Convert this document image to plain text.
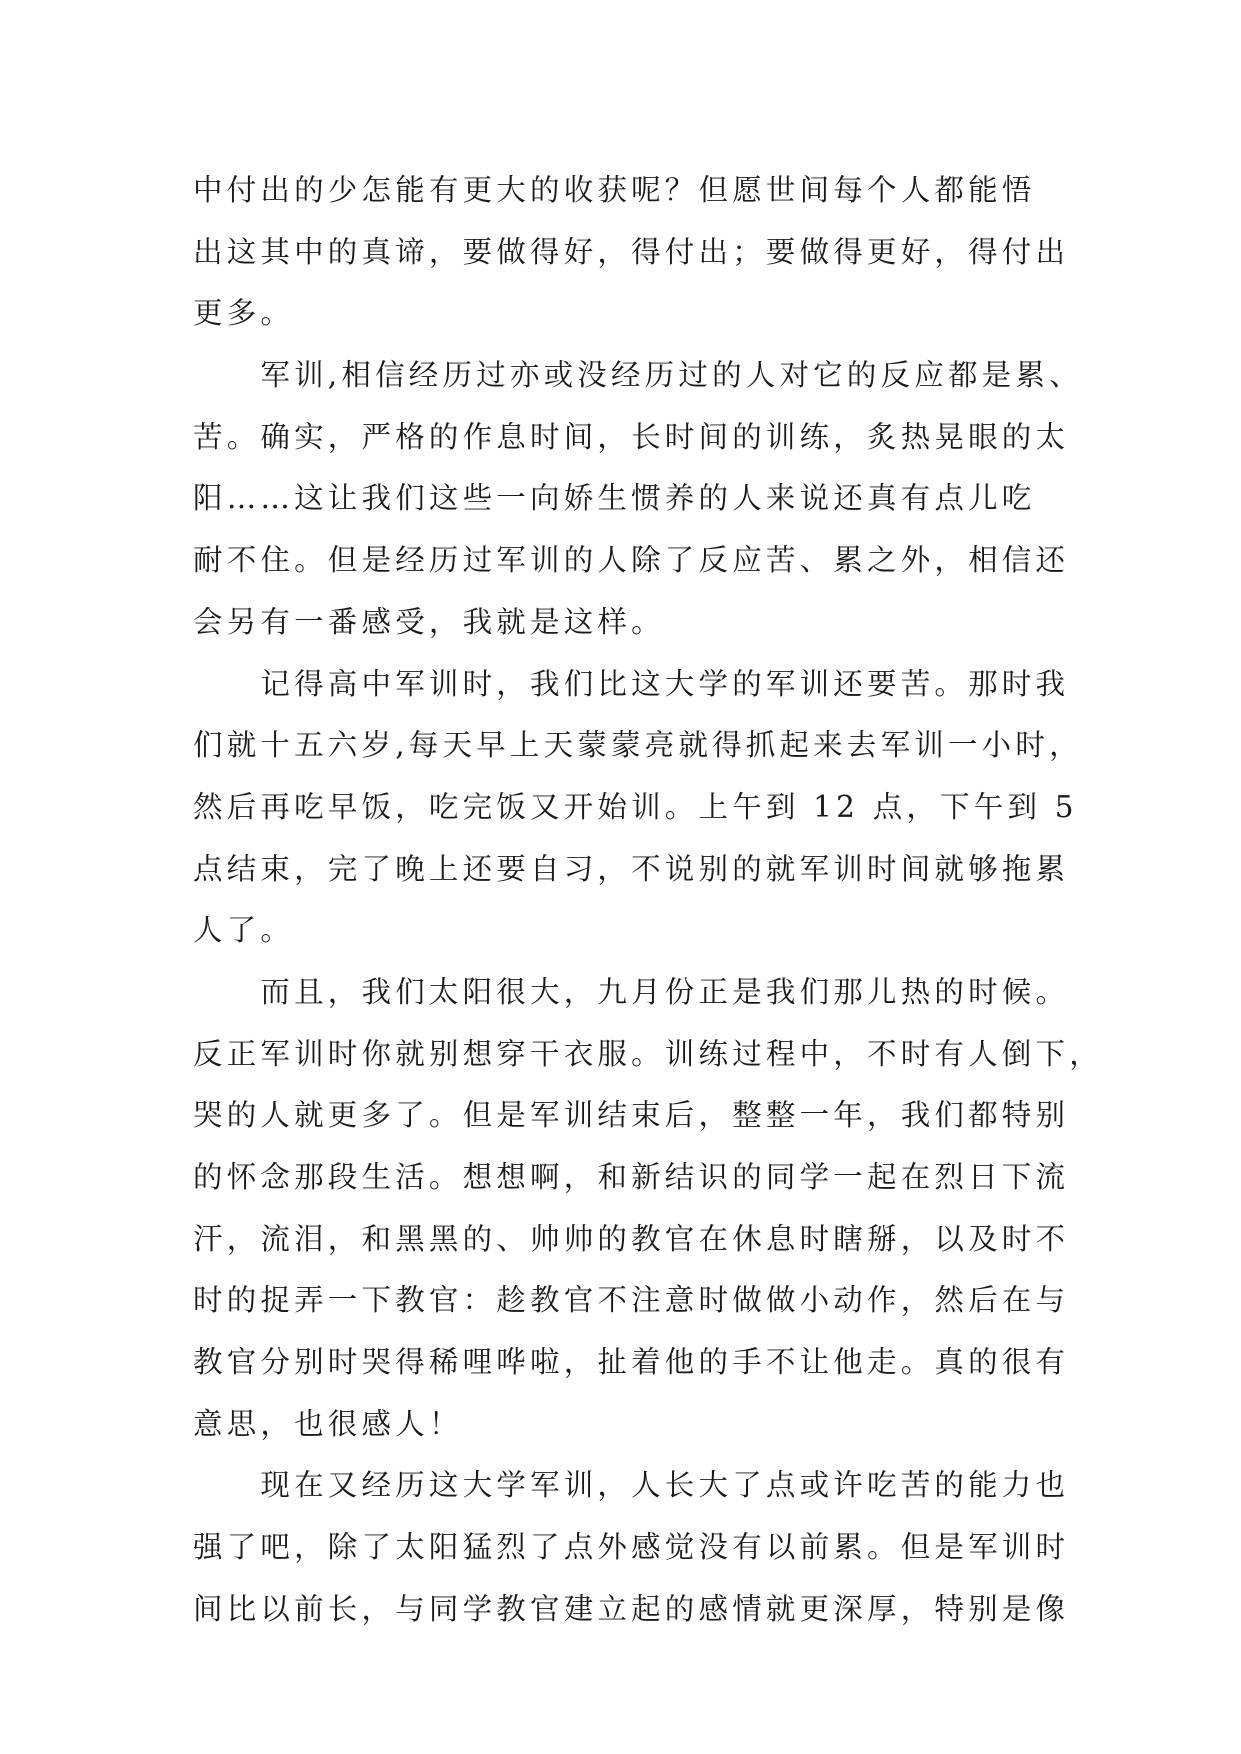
中付出的少怎能有更大的收获呢？但愿世间每个人都能悟
出这其中的真谛，要做得好，得付出；要做得更好，得付出
更多。
　　军训,相信经历过亦或没经历过的人对它的反应都是累、
苦。确实，严格的作息时间，长时间的训练，炙热晃眼的太
阳……这让我们这些一向娇生惯养的人来说还真有点儿吃
耐不住。但是经历过军训的人除了反应苦、累之外，相信还
会另有一番感受，我就是这样。
　　记得高中军训时，我们比这大学的军训还要苦。那时我
们就十五六岁,每天早上天蒙蒙亮就得抓起来去军训一小时，
然后再吃早饭，吃完饭又开始训。上午到 12 点，下午到 5
点结束，完了晚上还要自习，不说别的就军训时间就够拖累
人了。
　　而且，我们太阳很大，九月份正是我们那儿热的时候。
反正军训时你就别想穿干衣服。训练过程中，不时有人倒下，
哭的人就更多了。但是军训结束后，整整一年，我们都特别
的怀念那段生活。想想啊，和新结识的同学一起在烈日下流
汗，流泪，和黑黑的、帅帅的教官在休息时瞎掰，以及时不
时的捉弄一下教官：趁教官不注意时做做小动作，然后在与
教官分别时哭得稀哩哗啦，扯着他的手不让他走。真的很有
意思，也很感人！
　　现在又经历这大学军训，人长大了点或许吃苦的能力也
强了吧，除了太阳猛烈了点外感觉没有以前累。但是军训时
间比以前长，与同学教官建立起的感情就更深厚，特别是像
